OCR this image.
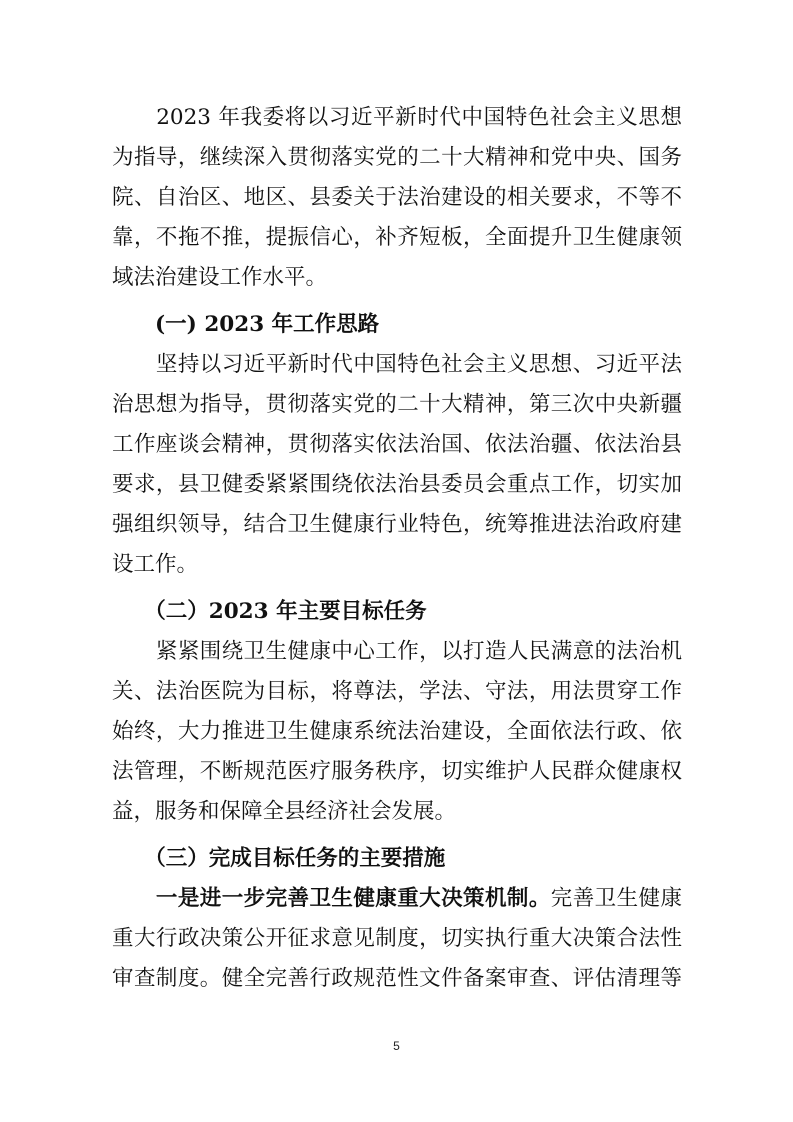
　　2023 年我委将以习近平新时代中国特色社会主义思想
为指导，继续深入贯彻落实党的二十大精神和党中央、国务
院、自治区、地区、县委关于法治建设的相关要求，不等不
靠，不拖不推，提振信心，补齐短板，全面提升卫生健康领
域法治建设工作水平。
　　(一) 2023 年工作思路
　　坚持以习近平新时代中国特色社会主义思想、习近平法
治思想为指导，贯彻落实党的二十大精神，第三次中央新疆
工作座谈会精神，贯彻落实依法治国、依法治疆、依法治县
要求，县卫健委紧紧围绕依法治县委员会重点工作，切实加
强组织领导，结合卫生健康行业特色，统筹推进法治政府建
设工作。
　　（二）2023 年主要目标任务
　　紧紧围绕卫生健康中心工作，以打造人民满意的法治机
关、法治医院为目标，将尊法，学法、守法，用法贯穿工作
始终，大力推进卫生健康系统法治建设，全面依法行政、依
法管理，不断规范医疗服务秩序，切实维护人民群众健康权
益，服务和保障全县经济社会发展。
　　（三）完成目标任务的主要措施
　　一是进一步完善卫生健康重大决策机制。完善卫生健康
重大行政决策公开征求意见制度，切实执行重大决策合法性
审查制度。健全完善行政规范性文件备案审查、评估清理等
5
